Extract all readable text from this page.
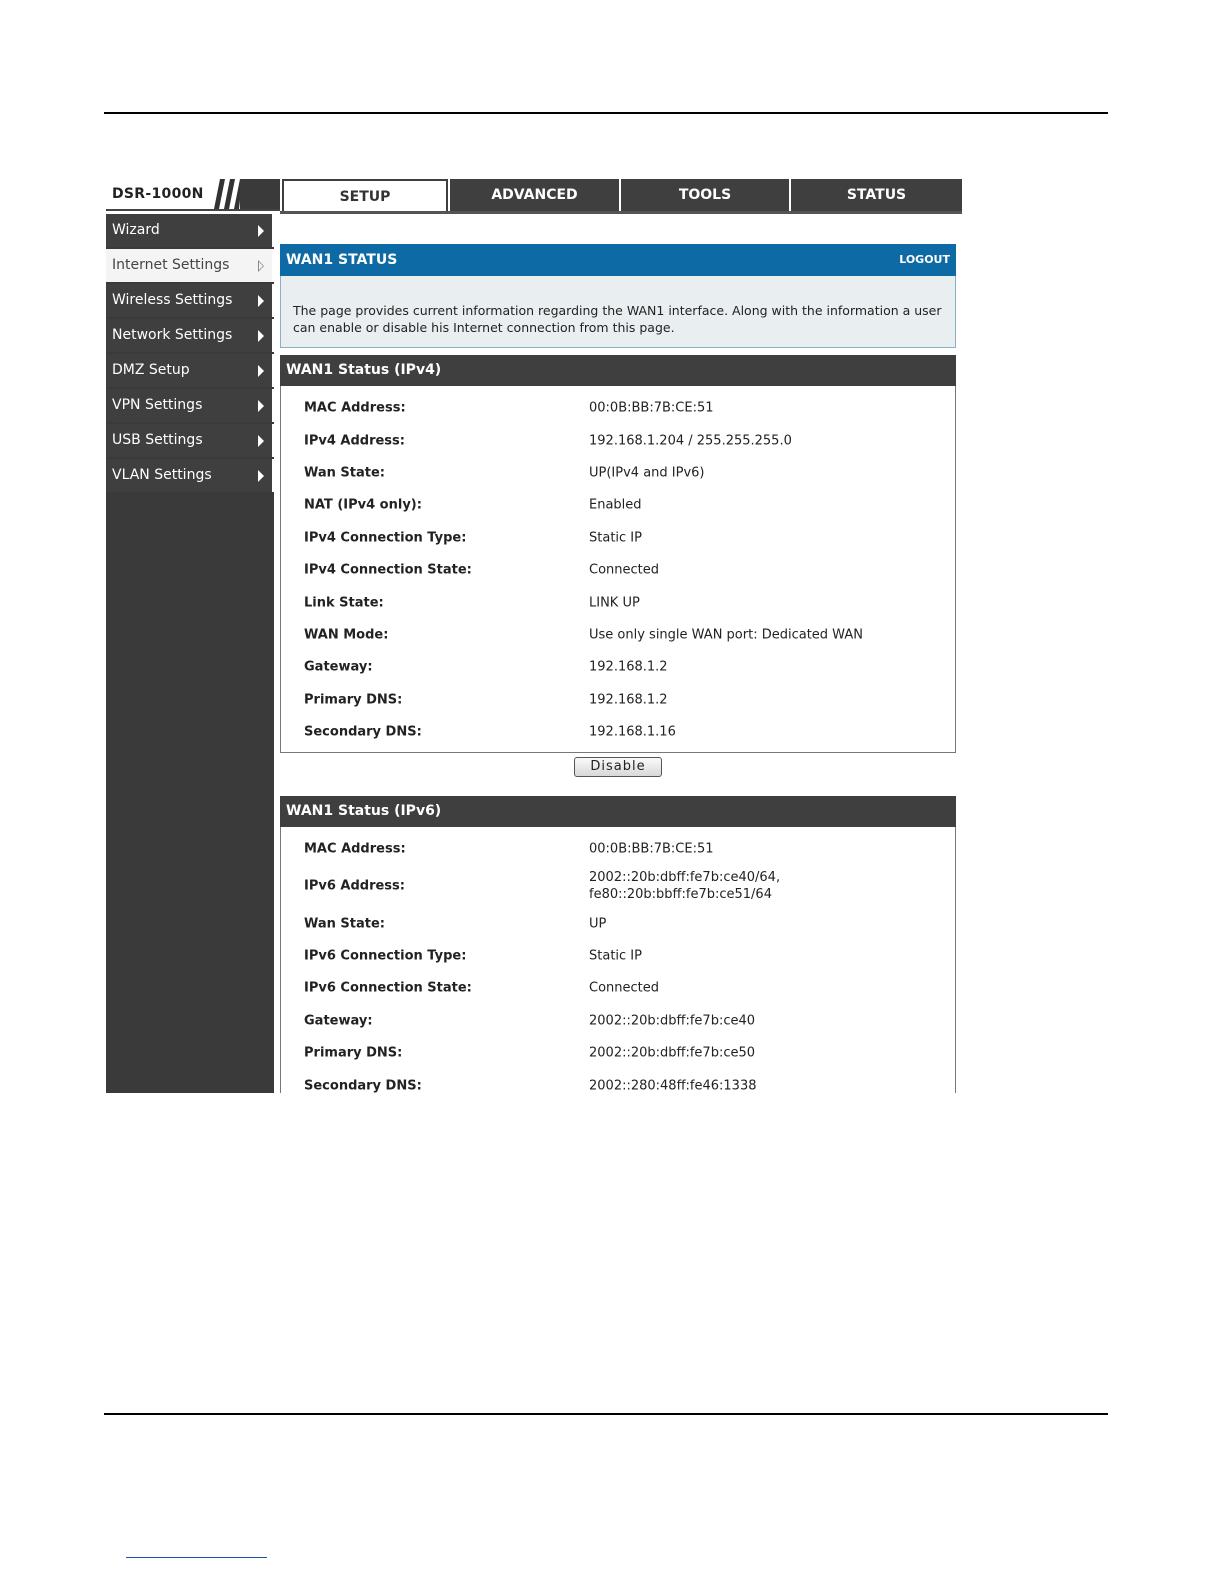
DSR-1000N	SETUP	ADVANCED	TOOLS	STATUS
Wizard
Internet Settings
Wireless Settings
Network Settings
DMZ Setup
VPN Settings
USB Settings
VLAN Settings
WAN1 STATUS	LOGOUT
The page provides current information regarding the WAN1 interface. Along with the information a user
can enable or disable his Internet connection from this page.
WAN1 Status (IPv4)
MAC Address:	00:0B:BB:7B:CE:51
IPv4 Address:	192.168.1.204 / 255.255.255.0
Wan State:	UP(IPv4 and IPv6)
NAT (IPv4 only):	Enabled
IPv4 Connection Type:	Static IP
IPv4 Connection State:	Connected
Link State:	LINK UP
WAN Mode:	Use only single WAN port: Dedicated WAN
Gateway:	192.168.1.2
Primary DNS:	192.168.1.2
Secondary DNS:	192.168.1.16
Disable
WAN1 Status (IPv6)
MAC Address:	00:0B:BB:7B:CE:51
IPv6 Address:
2002::20b:dbff:fe7b:ce40/64,
fe80::20b:bbff:fe7b:ce51/64
Wan State:	UP
IPv6 Connection Type:	Static IP
IPv6 Connection State:	Connected
Gateway:	2002::20b:dbff:fe7b:ce40
Primary DNS:	2002::20b:dbff:fe7b:ce50
Secondary DNS:	2002::280:48ff:fe46:1338
